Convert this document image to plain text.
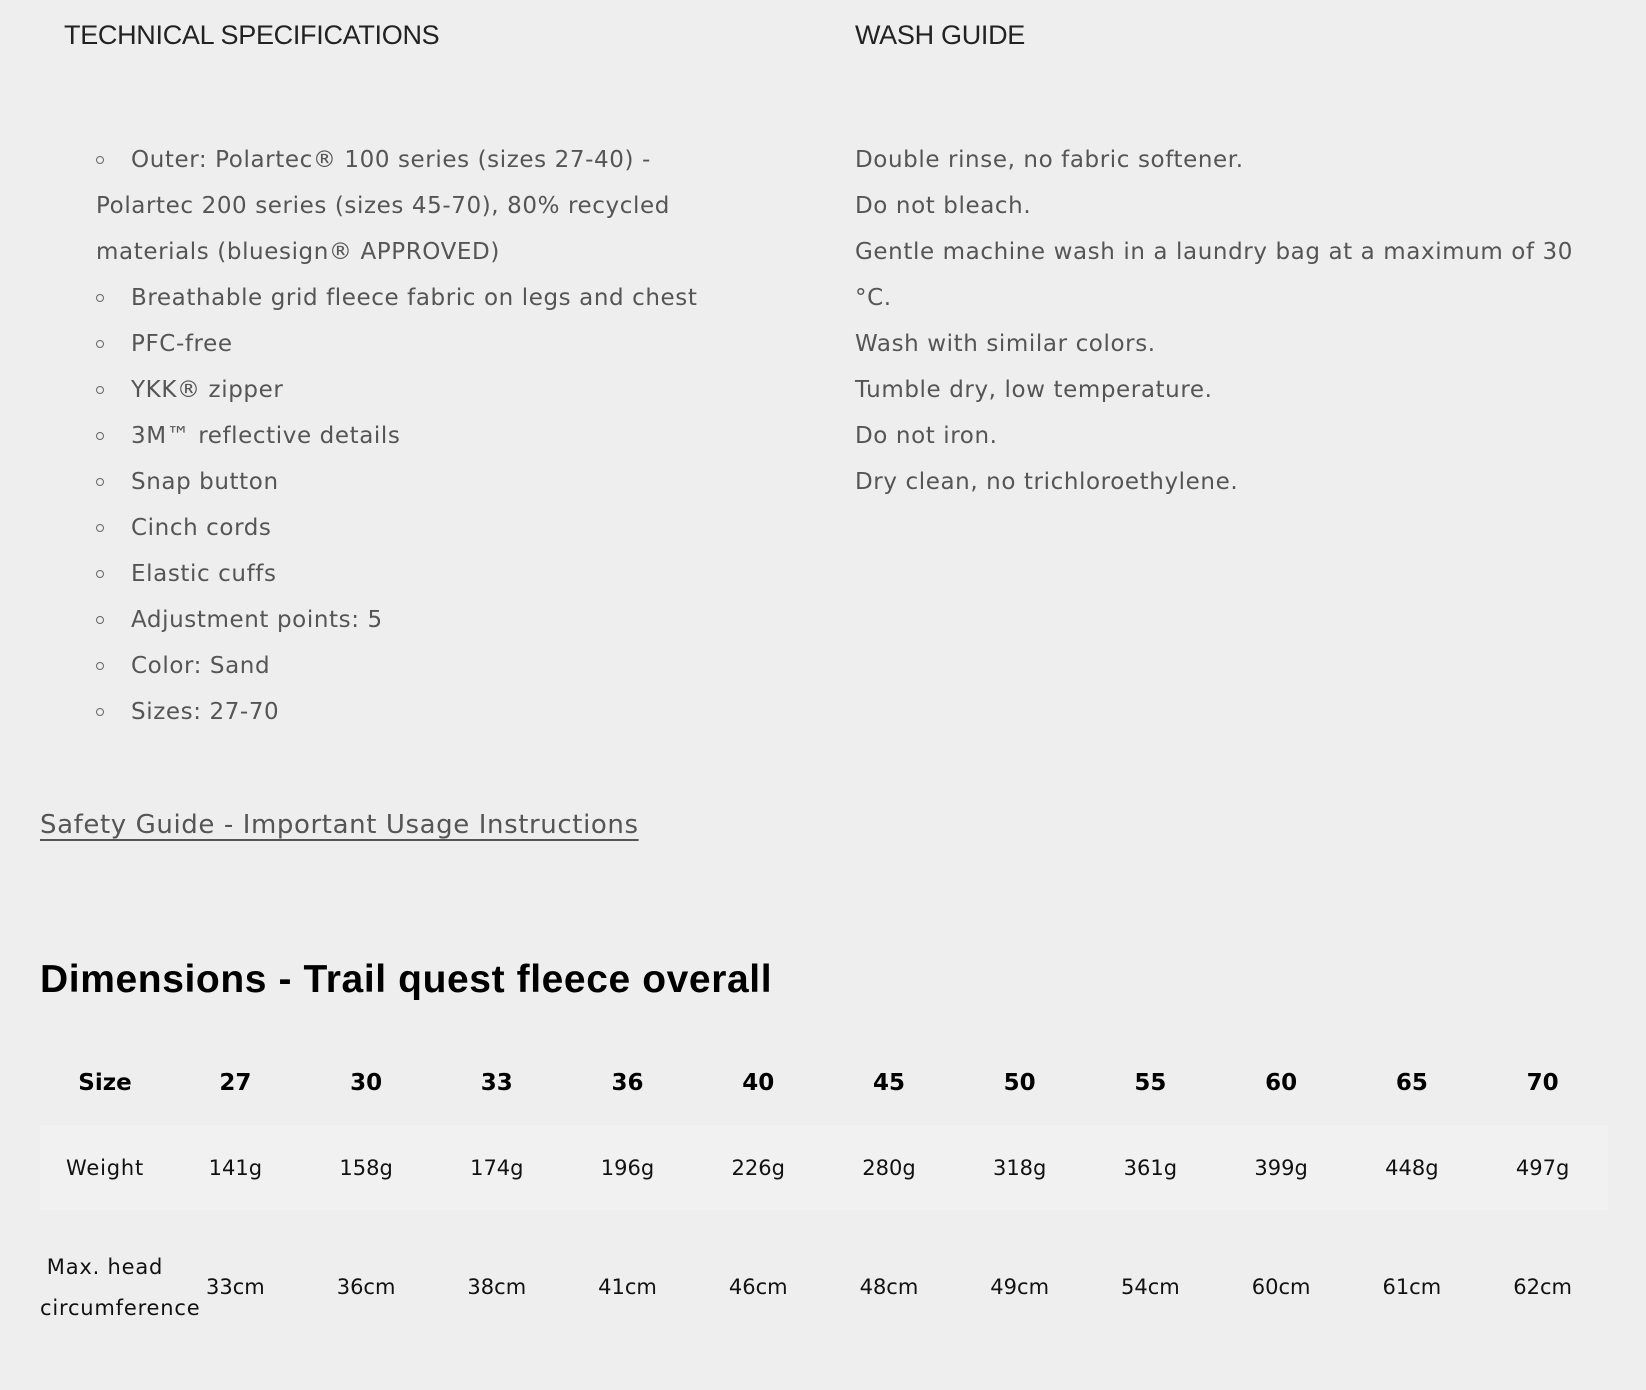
TECHNICAL SPECIFICATIONS	WASH GUIDE
Outer: Polartec® 100 series (sizes 27-40) - Polartec 200 series (sizes 45-70), 80% recycled materials (bluesign® APPROVED)
Breathable grid fleece fabric on legs and chest
PFC-free
YKK® zipper
3M™ reflective details
Snap button
Cinch cords
Elastic cuffs
Adjustment points: 5
Color: Sand
Sizes: 27-70
Double rinse, no fabric softener.
Do not bleach.
Gentle machine wash in a laundry bag at a maximum of 30 °C.
Wash with similar colors.
Tumble dry, low temperature.
Do not iron.
Dry clean, no trichloroethylene.
Safety Guide - Important Usage Instructions
Dimensions - Trail quest fleece overall
Size	27	30	33	36	40	45	50	55	60	65	70
Weight	141g	158g	174g	196g	226g	280g	318g	361g	399g	448g	497g
Max. head circumference	33cm	36cm	38cm	41cm	46cm	48cm	49cm	54cm	60cm	61cm	62cm
